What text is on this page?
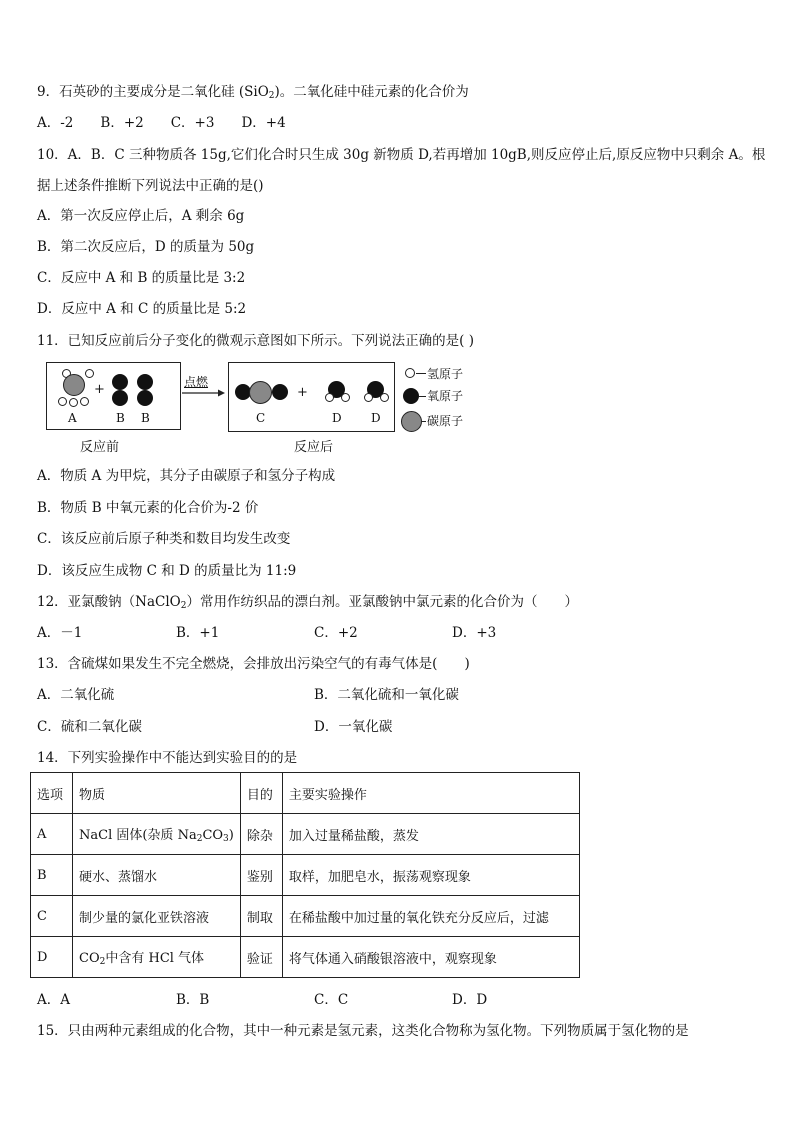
9．石英砂的主要成分是二氧化硅 (SiO$_2$)。二氧化硅中硅元素的化合价为
A．-2　　B．+2　　C．+3　　D．+4
10．A．B．C 三种物质各 15g,它们化合时只生成 30g 新物质 D,若再增加 10gB,则反应停止后,原反应物中只剩余 A。根
据上述条件推断下列说法中正确的是()
A．第一次反应停止后，A 剩余 6g
B．第二次反应后，D 的质量为 50g
C．反应中 A 和 B 的质量比是 3:2
D．反应中 A 和 C 的质量比是 5:2
11．已知反应前后分子变化的微观示意图如下所示。下列说法正确的是( )
A
+
B B
点燃
C
+
D D
氢原子
氧原子
碳原子
反应前	反应后
A．物质 A 为甲烷，其分子由碳原子和氢分子构成
B．物质 B 中氧元素的化合价为-2 价
C．该反应前后原子种类和数目均发生改变
D．该反应生成物 C 和 D 的质量比为 11:9
12．亚氯酸钠（NaClO$_2$）常用作纺织品的漂白剂。亚氯酸钠中氯元素的化合价为（　　）
A．－1	B．+1	C．+2	D．+3
13．含硫煤如果发生不完全燃烧，会排放出污染空气的有毒气体是(　　)
A．二氧化硫	B．二氧化硫和一氧化碳
C．硫和二氧化碳	D．一氧化碳
14．下列实验操作中不能达到实验目的的是
选项	物质	目的	主要实验操作
A	NaCl 固体(杂质 $Na_2CO_3$)	除杂	加入过量稀盐酸，蒸发
B	硬水、蒸馏水	鉴别	取样，加肥皂水，振荡观察现象
C	制少量的氯化亚铁溶液	制取	在稀盐酸中加过量的氧化铁充分反应后，过滤
D	$CO_2$中含有 HCl 气体	验证	将气体通入硝酸银溶液中，观察现象
A．A	B．B	C．C	D．D
15．只由两种元素组成的化合物，其中一种元素是氢元素，这类化合物称为氢化物。下列物质属于氢化物的是
